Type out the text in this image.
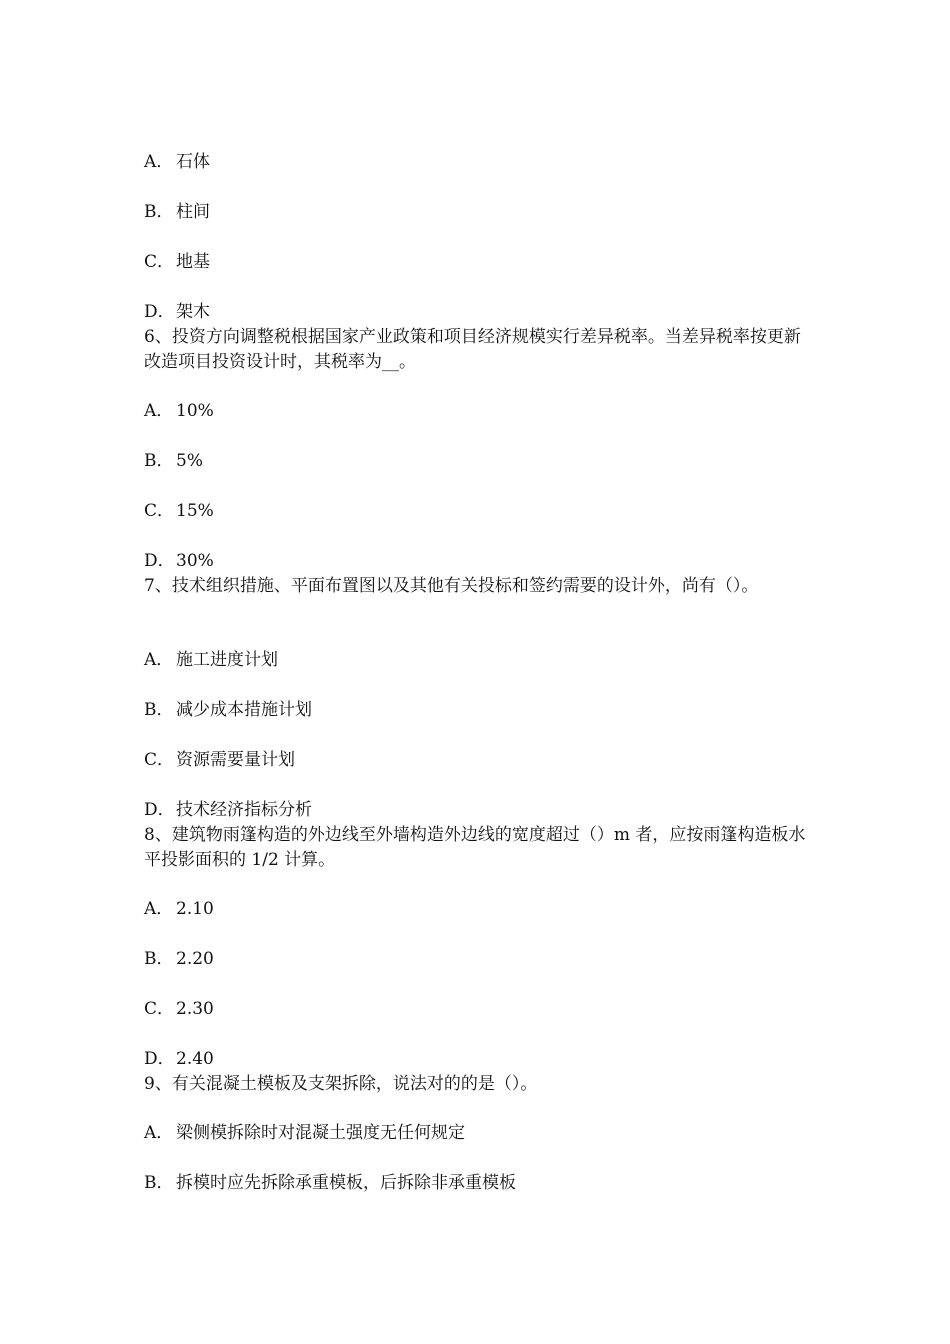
A． 石体
B． 柱间
C． 地基
D．架木
6、投资方向调整税根据国家产业政策和项目经济规模实行差异税率。当差异税率按更新改造项目投资设计时，其税率为__。
A． 10%
B． 5%
C． 15%
D．30%
7、技术组织措施、平面布置图以及其他有关投标和签约需要的设计外，尚有（）。
A． 施工进度计划
B． 减少成本措施计划
C． 资源需要量计划
D．技术经济指标分析
8、建筑物雨篷构造的外边线至外墙构造外边线的宽度超过（）m 者，应按雨篷构造板水平投影面积的 1/2 计算。
A． 2.10
B． 2.20
C． 2.30
D．2.40
9、有关混凝土模板及支架拆除，说法对的的是（）。
A． 梁侧模拆除时对混凝土强度无任何规定
B． 拆模时应先拆除承重模板，后拆除非承重模板
